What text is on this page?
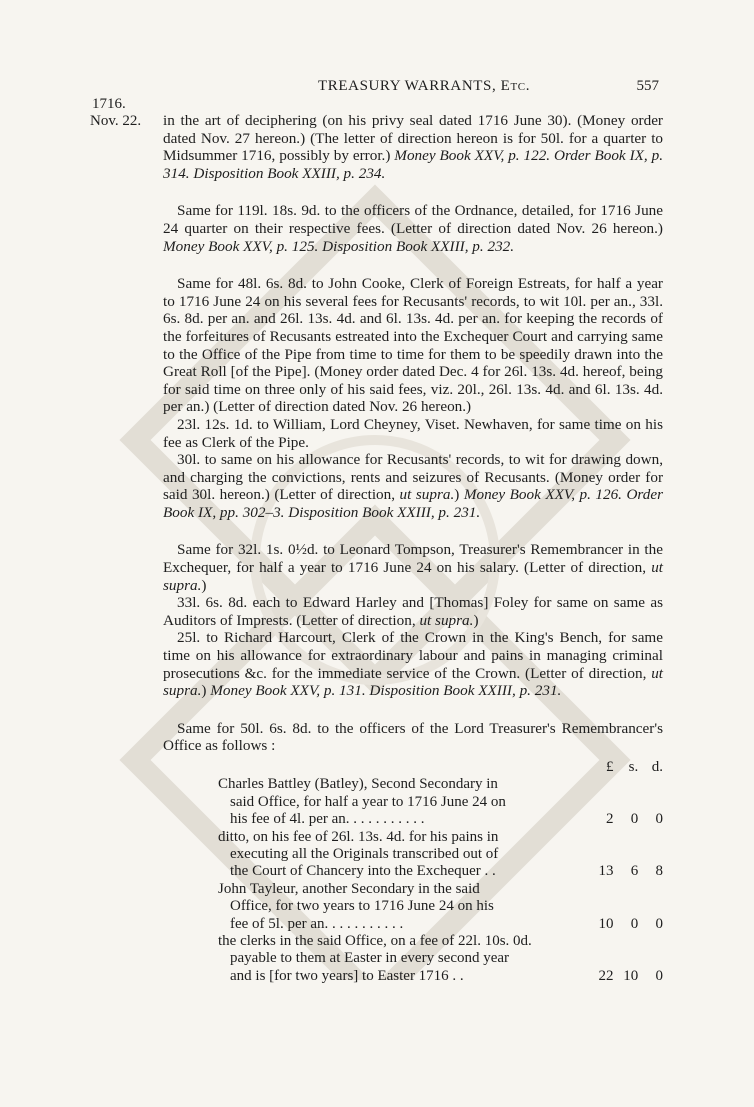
TREASURY WARRANTS, Etc.	557
1716.
Nov. 22. in the art of deciphering (on his privy seal dated 1716 June 30). (Money order dated Nov. 27 hereon.) (The letter of direction hereon is for 50l. for a quarter to Midsummer 1716, possibly by error.) Money Book XXV, p. 122. Order Book IX, p. 314. Disposition Book XXIII, p. 234.

Same for 119l. 18s. 9d. to the officers of the Ordnance, detailed, for 1716 June 24 quarter on their respective fees. (Letter of direction dated Nov. 26 hereon.) Money Book XXV, p. 125. Disposition Book XXIII, p. 232.

Same for 48l. 6s. 8d. to John Cooke, Clerk of Foreign Estreats, for half a year to 1716 June 24 on his several fees for Recusants' records, to wit 10l. per an., 33l. 6s. 8d. per an. and 26l. 13s. 4d. and 6l. 13s. 4d. per an. for keeping the records of the forfeitures of Recusants estreated into the Exchequer Court and carrying same to the Office of the Pipe from time to time for them to be speedily drawn into the Great Roll [of the Pipe]. (Money order dated Dec. 4 for 26l. 13s. 4d. hereof, being for said time on three only of his said fees, viz. 20l., 26l. 13s. 4d. and 6l. 13s. 4d. per an.) (Letter of direction dated Nov. 26 hereon.)

23l. 12s. 1d. to William, Lord Cheyney, Viset. Newhaven, for same time on his fee as Clerk of the Pipe.

30l. to same on his allowance for Recusants' records, to wit for drawing down, and charging the convictions, rents and seizures of Recusants. (Money order for said 30l. hereon.) (Letter of direction, ut supra.) Money Book XXV, p. 126. Order Book IX, pp. 302–3. Disposition Book XXIII, p. 231.

Same for 32l. 1s. 0½d. to Leonard Tompson, Treasurer's Remembrancer in the Exchequer, for half a year to 1716 June 24 on his salary. (Letter of direction, ut supra.)

33l. 6s. 8d. each to Edward Harley and [Thomas] Foley for same on same as Auditors of Imprests. (Letter of direction, ut supra.)

25l. to Richard Harcourt, Clerk of the Crown in the King's Bench, for same time on his allowance for extraordinary labour and pains in managing criminal prosecutions &c. for the immediate service of the Crown. (Letter of direction, ut supra.) Money Book XXV, p. 131. Disposition Book XXIII, p. 231.

Same for 50l. 6s. 8d. to the officers of the Lord Treasurer's Remembrancer's Office as follows :

	£	s.	d.
Charles Battley (Batley), Second Secondary in
said Office, for half a year to 1716 June 24 on
his fee of 4l. per an. . . . . . . . . . .	2	0	0
ditto, on his fee of 26l. 13s. 4d. for his pains in
executing all the Originals transcribed out of
the Court of Chancery into the Exchequer . .	13	6	8
John Tayleur, another Secondary in the said
Office, for two years to 1716 June 24 on his
fee of 5l. per an. . . . . . . . . . .	10	0	0
the clerks in the said Office, on a fee of 22l. 10s. 0d.
payable to them at Easter in every second year
and is [for two years] to Easter 1716 . .	22	10	0
